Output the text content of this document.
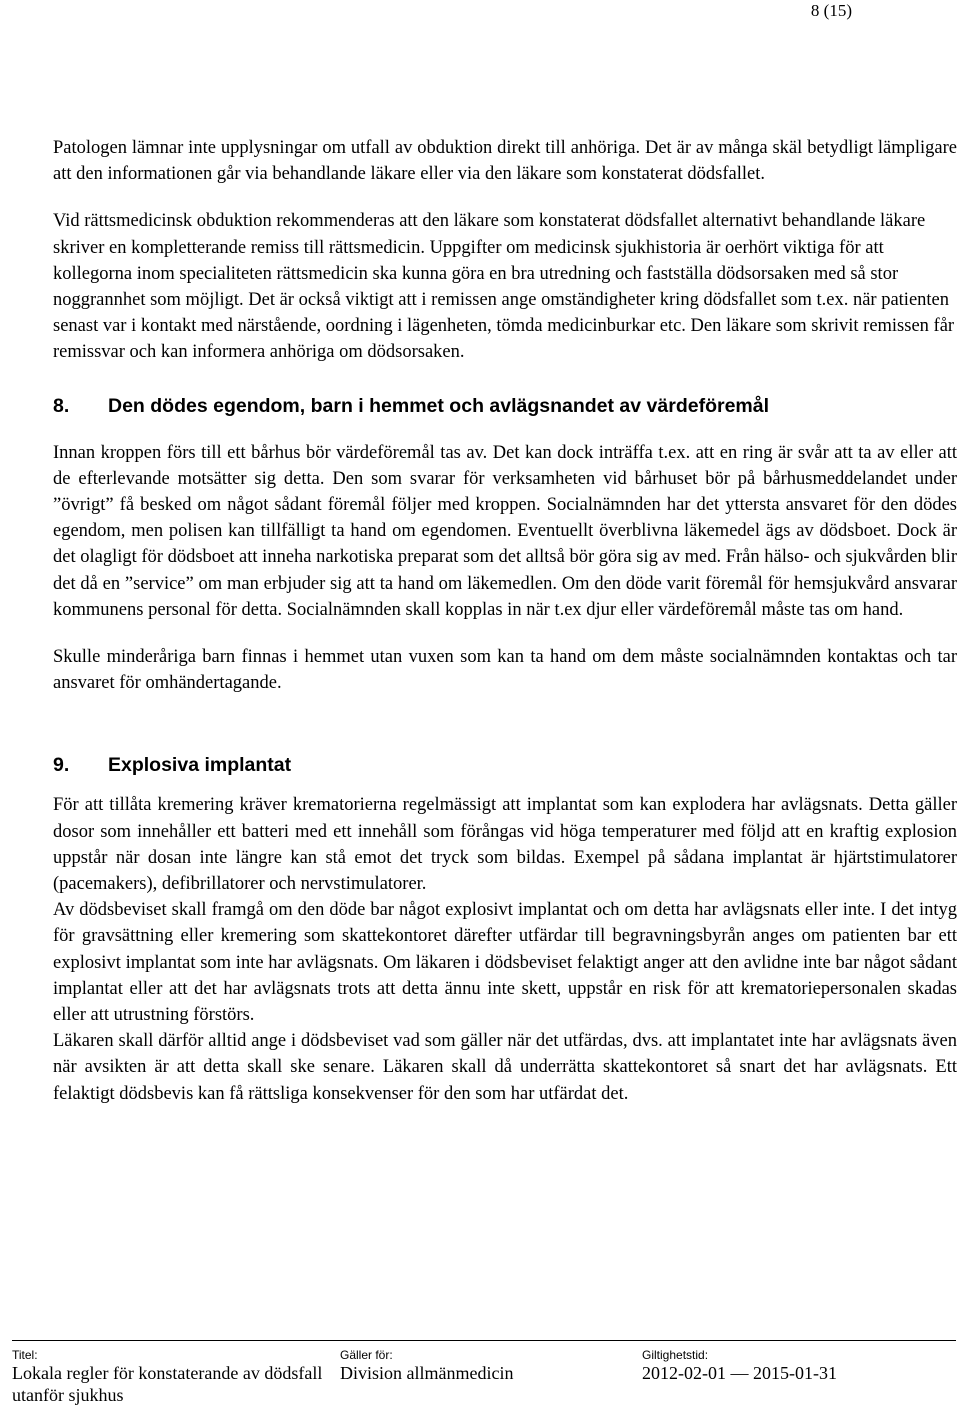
8 (15)

Patologen lämnar inte upplysningar om utfall av obduktion direkt till anhöriga. Det är av många skäl betydligt lämpligare att den informationen går via behandlande läkare eller via den läkare som konstaterat dödsfallet.

Vid rättsmedicinsk obduktion rekommenderas att den läkare som konstaterat dödsfallet alternativt behandlande läkare skriver en kompletterande remiss till rättsmedicin. Uppgifter om medicinsk sjukhistoria är oerhört viktiga för att kollegorna inom specialiteten rättsmedicin ska kunna göra en bra utredning och fastställa dödsorsaken med så stor noggrannhet som möjligt. Det är också viktigt att i remissen ange omständigheter kring dödsfallet som t.ex. när patienten senast var i kontakt med närstående, oordning i lägenheten, tömda medicinburkar etc. Den läkare som skrivit remissen får remissvar och kan informera anhöriga om dödsorsaken.

8.	Den dödes egendom, barn i hemmet och avlägsnandet av värdeföremål

Innan kroppen förs till ett bårhus bör värdeföremål tas av. Det kan dock inträffa t.ex. att en ring är svår att ta av eller att de efterlevande motsätter sig detta. Den som svarar för verksamheten vid bårhuset bör på bårhusmeddelandet under ”övrigt” få besked om något sådant föremål följer med kroppen. Socialnämnden har det yttersta ansvaret för den dödes egendom, men polisen kan tillfälligt ta hand om egendomen. Eventuellt överblivna läkemedel ägs av dödsboet. Dock är det olagligt för dödsboet att inneha narkotiska preparat som det alltså bör göra sig av med. Från hälso- och sjukvården blir det då en ”service” om man erbjuder sig att ta hand om läkemedlen. Om den döde varit föremål för hemsjukvård ansvarar kommunens personal för detta. Socialnämnden skall kopplas in när t.ex djur eller värdeföremål måste tas om hand.

Skulle minderåriga barn finnas i hemmet utan vuxen som kan ta hand om dem måste socialnämnden kontaktas och tar ansvaret för omhändertagande.

9.	Explosiva implantat

För att tillåta kremering kräver krematorierna regelmässigt att implantat som kan explodera har avlägsnats. Detta gäller dosor som innehåller ett batteri med ett innehåll som förångas vid höga temperaturer med följd att en kraftig explosion uppstår när dosan inte längre kan stå emot det tryck som bildas. Exempel på sådana implantat är hjärtstimulatorer (pacemakers), defibrillatorer och nervstimulatorer.

Av dödsbeviset skall framgå om den döde bar något explosivt implantat och om detta har avlägsnats eller inte. I det intyg för gravsättning eller kremering som skattekontoret därefter utfärdar till begravningsbyrån anges om patienten bar ett explosivt implantat som inte har avlägsnats. Om läkaren i dödsbeviset felaktigt anger att den avlidne inte bar något sådant implantat eller att det har avlägsnats trots att detta ännu inte skett, uppstår en risk för att krematoriepersonalen skadas eller att utrustning förstörs.

Läkaren skall därför alltid ange i dödsbeviset vad som gäller när det utfärdas, dvs. att implantatet inte har avlägsnats även när avsikten är att detta skall ske senare. Läkaren skall då underrätta skattekontoret så snart det har avlägsnats. Ett felaktigt dödsbevis kan få rättsliga konsekvenser för den som har utfärdat det.

Titel:
Lokala regler för konstaterande av dödsfall utanför sjukhus
Gäller för:
Division allmänmedicin
Giltighetstid:
2012-02-01 — 2015-01-31
